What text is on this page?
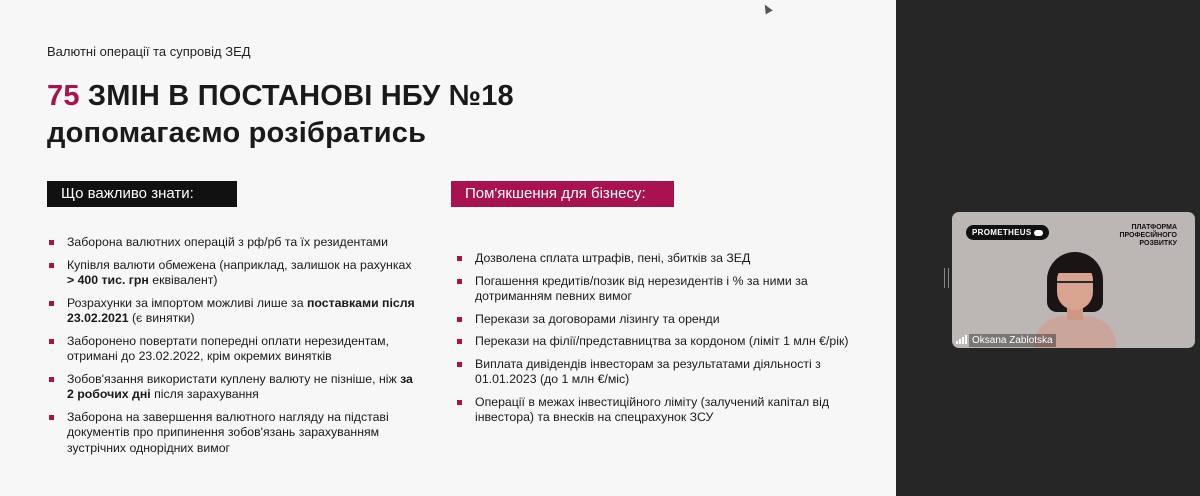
Валютні операції та супровід ЗЕД
75 ЗМІН В ПОСТАНОВІ НБУ №18
допомагаємо розібратись
Що важливо знати:	Пом'якшення для бізнесу:
Заборона валютних операцій з рф/рб та їх резидентами
Купівля валюти обмежена (наприклад, залишок на рахунках > 400 тис. грн еквівалент)
Розрахунки за імпортом можливі лише за поставками після 23.02.2021 (є винятки)
Заборонено повертати попередні оплати нерезидентам, отримані до 23.02.2022, крім окремих винятків
Зобов'язання використати куплену валюту не пізніше, ніж за 2 робочих дні після зарахування
Заборона на завершення валютного нагляду на підставі документів про припинення зобов'язань зарахуванням зустрічних однорідних вимог
Дозволена сплата штрафів, пені, збитків за ЗЕД
Погашення кредитів/позик від нерезидентів і % за ними за дотриманням певних вимог
Перекази за договорами лізингу та оренди
Перекази на філії/представництва за кордоном (ліміт 1 млн €/рік)
Виплата дивідендів інвесторам за результатами діяльності з 01.01.2023 (до 1 млн €/міс)
Операції в межах інвестиційного ліміту (залучений капітал від інвестора) та внесків на спецрахунок ЗСУ
PROMETHEUS
ПЛАТФОРМА ПРОФЕСІЙНОГО РОЗВИТКУ
Oksana Zablotska
